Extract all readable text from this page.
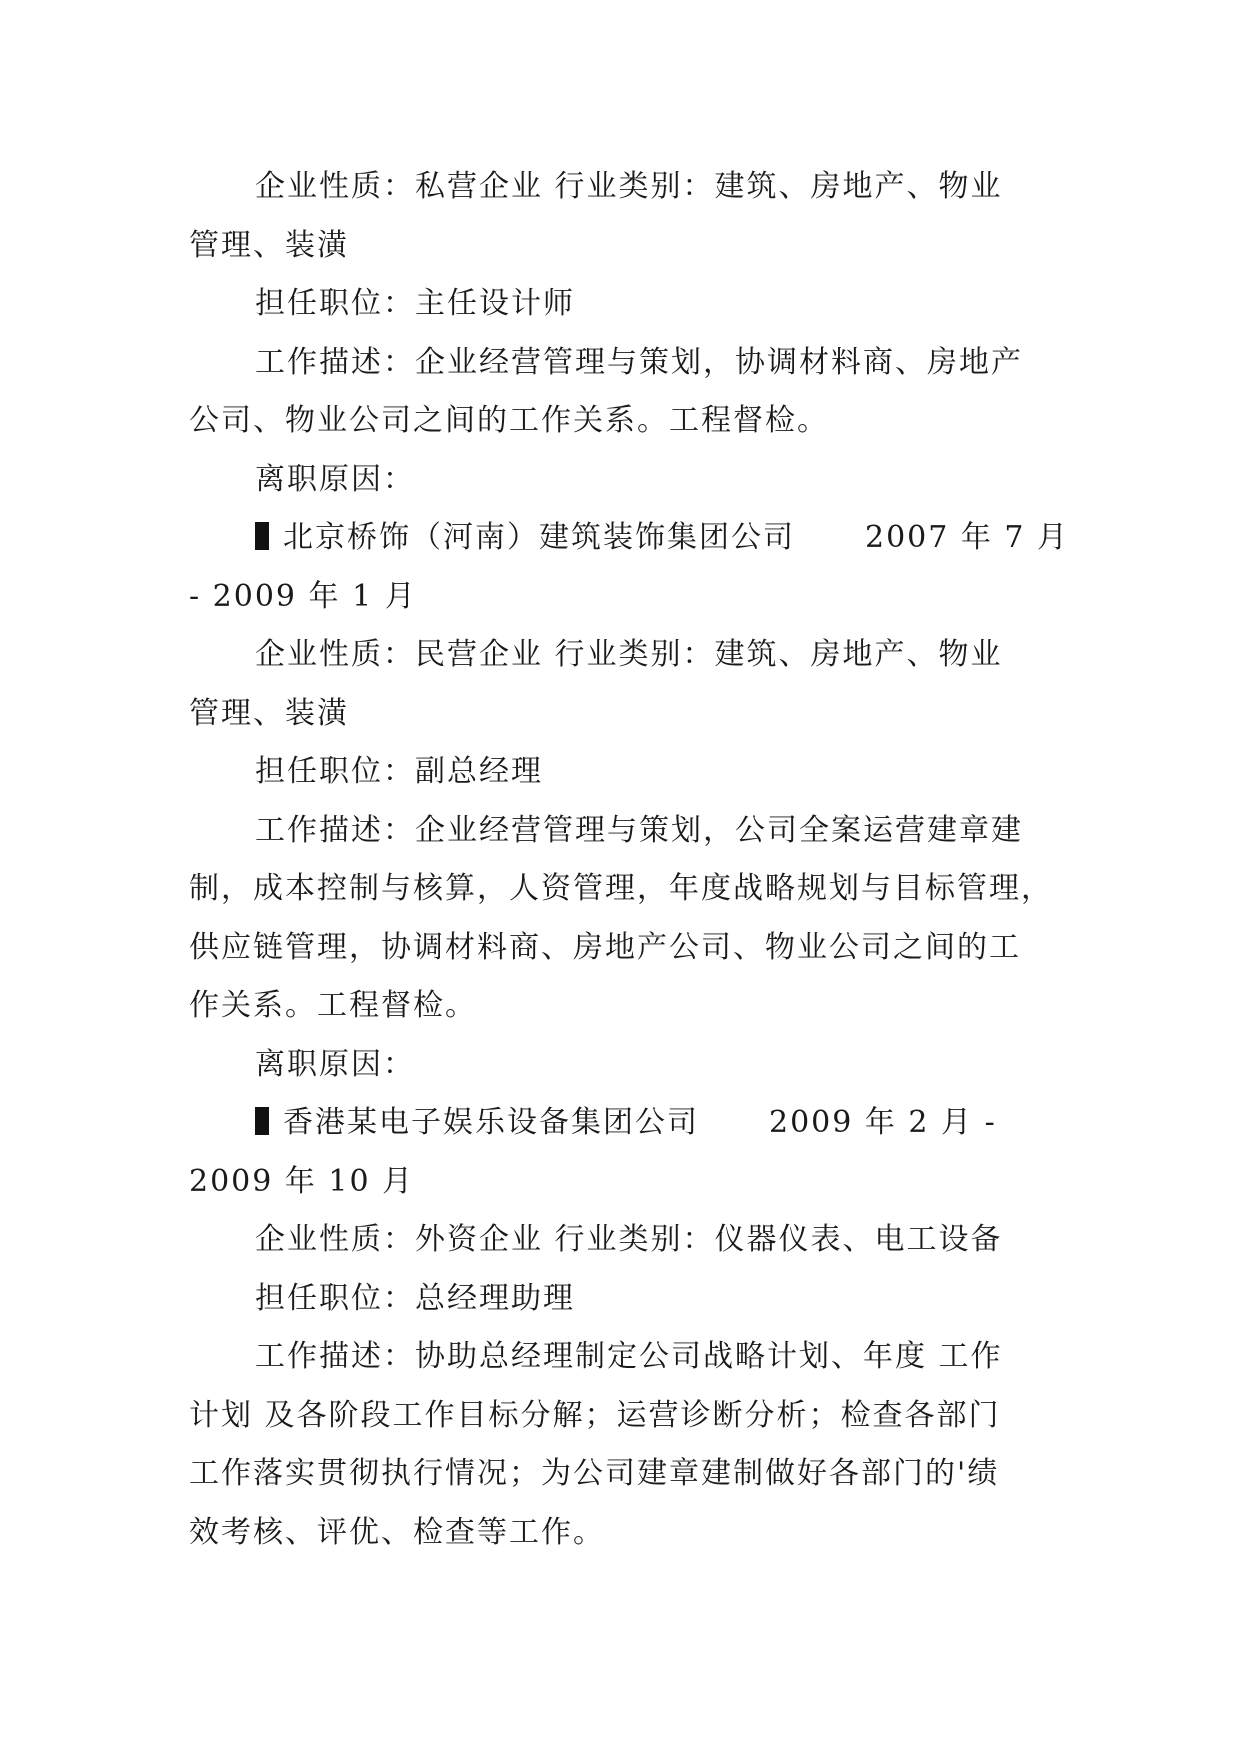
企业性质：私营企业 行业类别：建筑、房地产、物业
管理、装潢
担任职位：主任设计师
工作描述：企业经营管理与策划，协调材料商、房地产
公司、物业公司之间的工作关系。工程督检。
离职原因：
北京桥饰（河南）建筑装饰集团公司 2007 年 7 月
- 2009 年 1 月
企业性质：民营企业 行业类别：建筑、房地产、物业
管理、装潢
担任职位：副总经理
工作描述：企业经营管理与策划，公司全案运营建章建
制，成本控制与核算，人资管理，年度战略规划与目标管理，
供应链管理，协调材料商、房地产公司、物业公司之间的工
作关系。工程督检。
离职原因：
香港某电子娱乐设备集团公司 2009 年 2 月 -
2009 年 10 月
企业性质：外资企业 行业类别：仪器仪表、电工设备
担任职位：总经理助理
工作描述：协助总经理制定公司战略计划、年度 工作
计划 及各阶段工作目标分解；运营诊断分析；检查各部门
工作落实贯彻执行情况；为公司建章建制做好各部门的'绩
效考核、评优、检查等工作。
